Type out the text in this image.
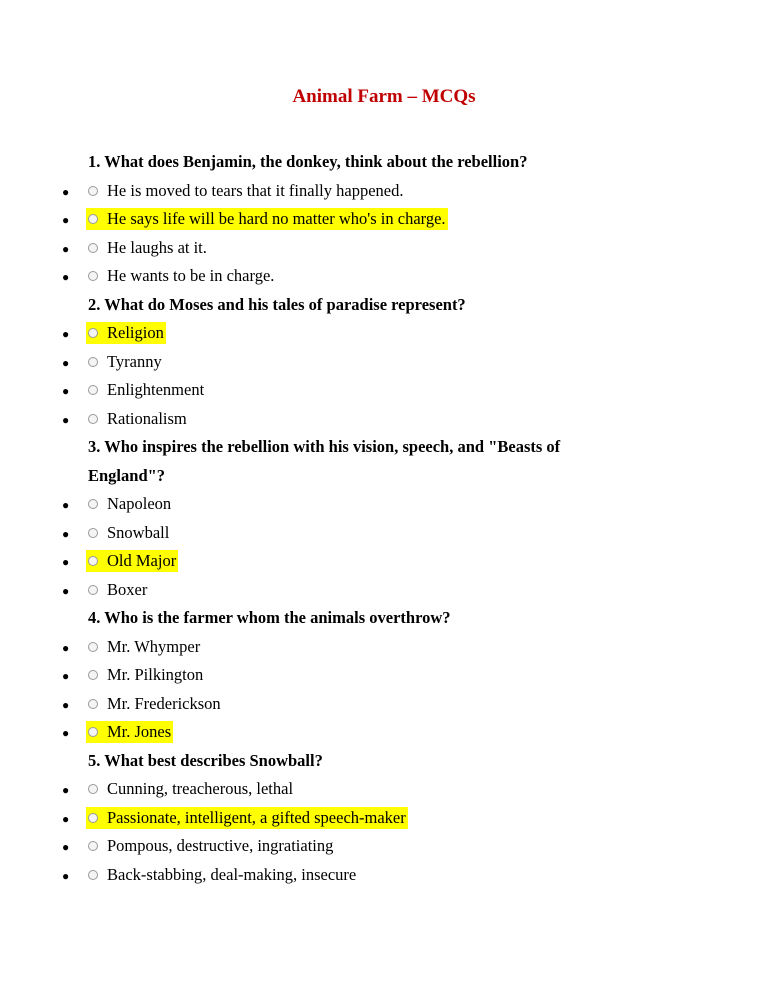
Animal Farm – MCQs

1. What does Benjamin, the donkey, think about the rebellion?

● He is moved to tears that it finally happened.
● He says life will be hard no matter who's in charge.
● He laughs at it.
● He wants to be in charge.

2. What do Moses and his tales of paradise represent?

● Religion
● Tyranny
● Enlightenment
● Rationalism

3. Who inspires the rebellion with his vision, speech, and "Beasts of England"?

● Napoleon
● Snowball
● Old Major
● Boxer

4. Who is the farmer whom the animals overthrow?

● Mr. Whymper
● Mr. Pilkington
● Mr. Frederickson
● Mr. Jones

5. What best describes Snowball?

● Cunning, treacherous, lethal
● Passionate, intelligent, a gifted speech-maker
● Pompous, destructive, ingratiating
● Back-stabbing, deal-making, insecure
